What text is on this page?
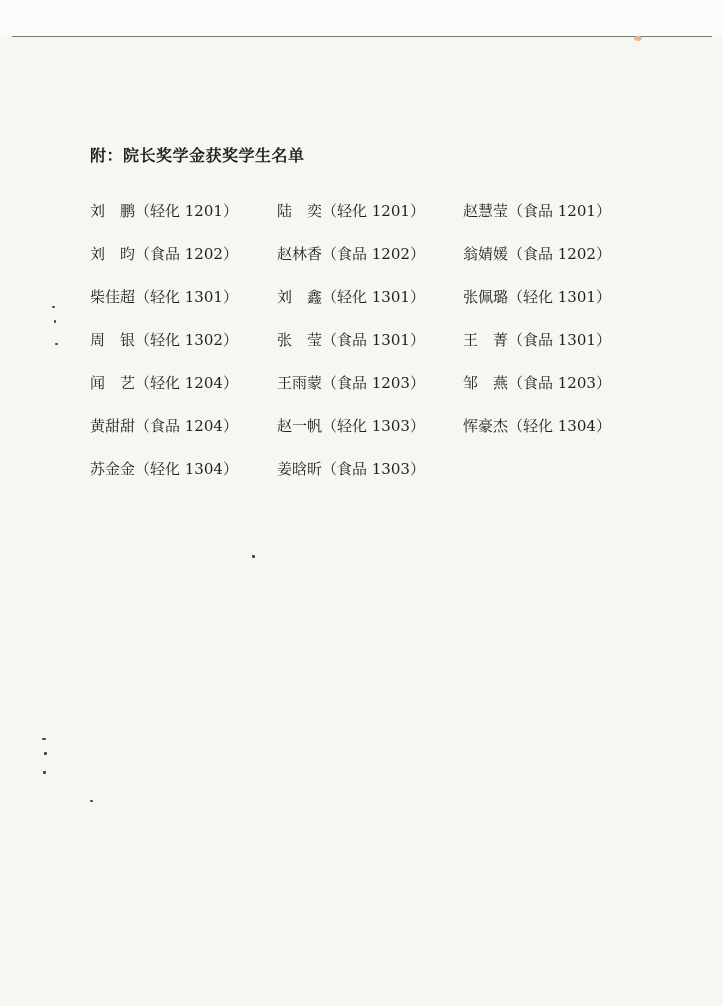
附：院长奖学金获奖学生名单
刘　鹏（轻化 1201）	陆　奕（轻化 1201）	赵慧莹（食品 1201）
刘　昀（食品 1202）	赵林香（食品 1202）	翁婧媛（食品 1202）
柴佳超（轻化 1301）	刘　鑫（轻化 1301）	张佩璐（轻化 1301）
周　银（轻化 1302）	张　莹（食品 1301）	王　菁（食品 1301）
闻　艺（轻化 1204）	王雨蒙（食品 1203）	邹　燕（食品 1203）
黄甜甜（食品 1204）	赵一帆（轻化 1303）	恽豪杰（轻化 1304）
苏金金（轻化 1304）	姜晗昕（食品 1303）
